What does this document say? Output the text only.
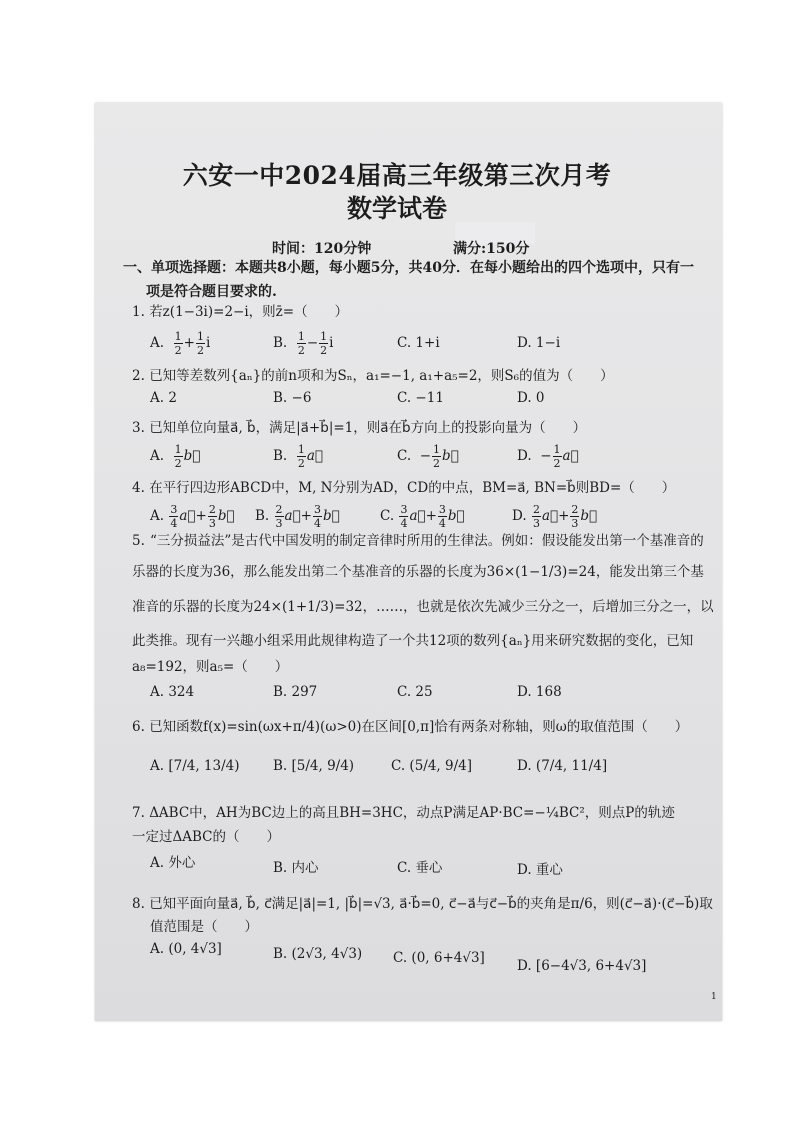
六安一中2024届高三年级第三次月考
数学试卷
时间：120分钟	满分:150分
一、单项选择题：本题共8小题，每小题5分，共40分．在每小题给出的四个选项中，只有一
项是符合题目要求的.
1. 若z(1−3i)=2−i，则z̄=（　　）
A. $\frac{1}{2} + \frac{1}{2}$ i	B. $\frac{1}{2} - \frac{1}{2}$ i	C. 1+i	D. 1−i
2. 已知等差数列{aₙ}的前n项和为Sₙ，a₁=−1, a₁+a₅=2，则S₆的值为（　　）
A. 2	B. −6	C. −11	D. 0
3. 已知单位向量a⃗, b⃗，满足|a⃗+b⃗|=1，则a⃗在b⃗方向上的投影向量为（　　）
A. $\frac{1}{2}$ b⃗	B. $\frac{1}{2}$ a⃗	C.  − $\frac{1}{2}$ b⃗	D.  − $\frac{1}{2}$ a⃗
4. 在平行四边形ABCD中，M, N分别为AD，CD的中点，BM=a⃗, BN=b⃗则BD=（　　）
A. $\frac{3}{4}$ a⃗+ $\frac{2}{3}$ b⃗ B. $\frac{2}{3}$ a⃗+ $\frac{3}{4}$ b⃗	C. $\frac{3}{4}$ a⃗+ $\frac{3}{4}$ b⃗	D. $\frac{2}{3}$ a⃗+ $\frac{2}{3}$ b⃗
5. “三分损益法”是古代中国发明的制定音律时所用的生律法。例如：假设能发出第一个基准音的
乐器的长度为36，那么能发出第二个基准音的乐器的长度为36×(1−1/3)=24，能发出第三个基
准音的乐器的长度为24×(1+1/3)=32，……，也就是依次先减少三分之一，后增加三分之一，以
此类推。现有一兴趣小组采用此规律构造了一个共12项的数列{aₙ}用来研究数据的变化，已知
a₈=192，则a₅=（　　）
A. 324	B. 297	C. 25	D. 168
6. 已知函数f(x)=sin(ωx+π/4)(ω>0)在区间[0,π]恰有两条对称轴，则ω的取值范围（　　）
A. [7/4, 13/4) B. [5/4, 9/4)	C. (5/4, 9/4]	D. (7/4, 11/4]
7. ΔABC中，AH为BC边上的高且BH=3HC，动点P满足AP·BC=−¼BC²，则点P的轨迹
一定过ΔABC的（　　）
A. 外心	B. 内心	C. 垂心	D. 重心
8. 已知平面向量a⃗, b⃗, c⃗满足|a⃗|=1, |b⃗|=√3, a⃗·b⃗=0, c⃗−a⃗与c⃗−b⃗的夹角是π/6，则(c⃗−a⃗)·(c⃗−b⃗)取
值范围是（　　）
A. (0, 4√3]	B. (2√3, 4√3) C. (0, 6+4√3] D. [6−4√3, 6+4√3]
1
